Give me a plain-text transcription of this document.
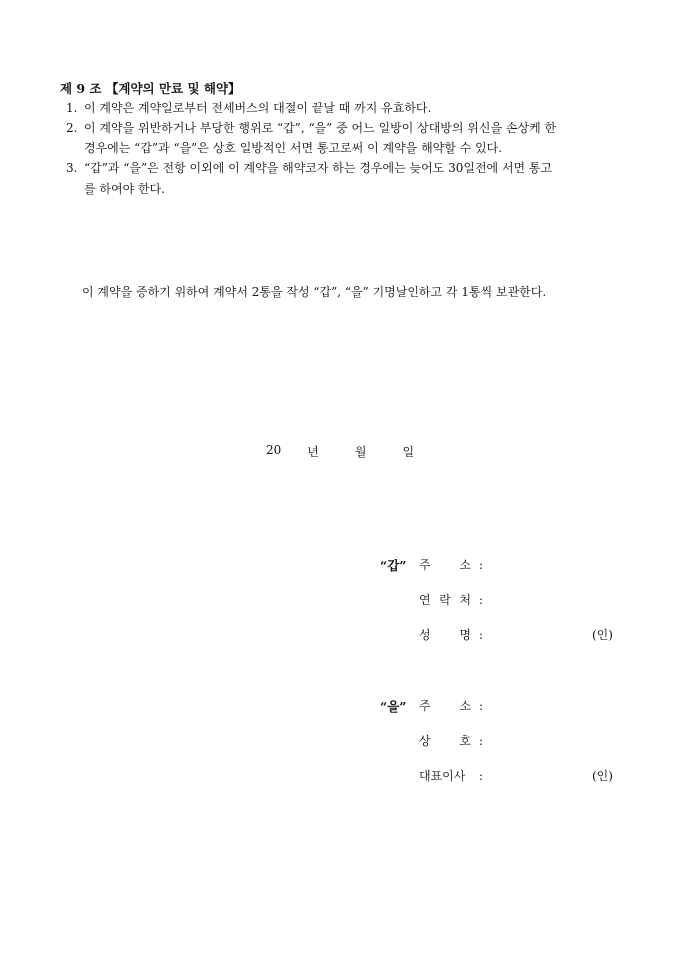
제 9 조 【계약의 만료 및 해약】
1. 이 계약은 계약일로부터 전세버스의 대절이 끝날 때 까지 유효하다.
2. 이 계약을 위반하거나 부당한 행위로 “갑”, “을” 중 어느 일방이 상대방의 위신을 손상케 한
경우에는 “갑”과 “을”은 상호 일방적인 서면 통고로써 이 계약을 해약할 수 있다.
3. “갑”과 “을”은 전항 이외에 이 계약을 해약코자 하는 경우에는 늦어도 30일전에 서면 통고
를 하여야 한다.
이 계약을 증하기 위하여 계약서 2통을 작성 “갑”, “을” 기명날인하고 각 1통씩 보관한다.
20 년	월	일
“갑” 주 소 :
연 락 처 :
성 명 :	(인)
“을” 주 소 :
상 호 :
대표이사 :	(인)
